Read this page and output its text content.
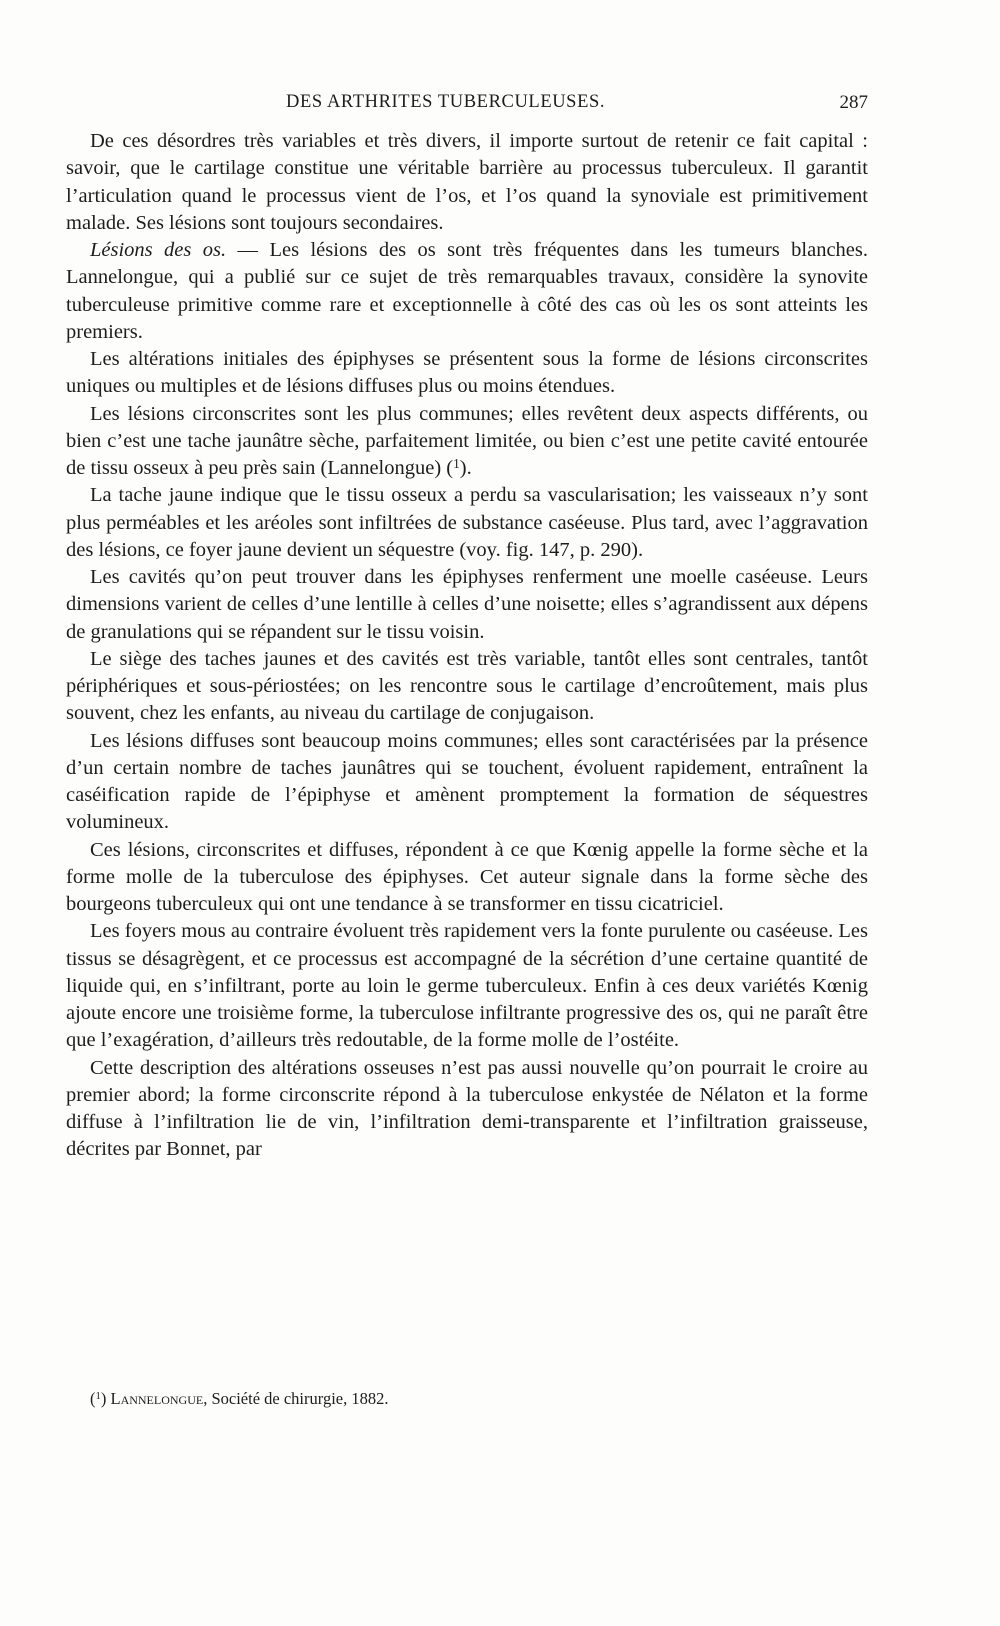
DES ARTHRITES TUBERCULEUSES.	287

De ces désordres très variables et très divers, il importe surtout de retenir ce fait capital : savoir, que le cartilage constitue une véritable barrière au processus tuberculeux. Il garantit l’articulation quand le processus vient de l’os, et l’os quand la synoviale est primitivement malade. Ses lésions sont toujours secondaires.

Lésions des os. — Les lésions des os sont très fréquentes dans les tumeurs blanches. Lannelongue, qui a publié sur ce sujet de très remarquables travaux, considère la synovite tuberculeuse primitive comme rare et exceptionnelle à côté des cas où les os sont atteints les premiers.

Les altérations initiales des épiphyses se présentent sous la forme de lésions circonscrites uniques ou multiples et de lésions diffuses plus ou moins étendues.

Les lésions circonscrites sont les plus communes; elles revêtent deux aspects différents, ou bien c’est une tache jaunâtre sèche, parfaitement limitée, ou bien c’est une petite cavité entourée de tissu osseux à peu près sain (Lannelongue) ($^1$).

La tache jaune indique que le tissu osseux a perdu sa vascularisation; les vaisseaux n’y sont plus perméables et les aréoles sont infiltrées de substance caséeuse. Plus tard, avec l’aggravation des lésions, ce foyer jaune devient un séquestre (voy. fig. 147, p. 290).

Les cavités qu’on peut trouver dans les épiphyses renferment une moelle caséeuse. Leurs dimensions varient de celles d’une lentille à celles d’une noisette; elles s’agrandissent aux dépens de granulations qui se répandent sur le tissu voisin.

Le siège des taches jaunes et des cavités est très variable, tantôt elles sont centrales, tantôt périphériques et sous-périostées; on les rencontre sous le cartilage d’encroûtement, mais plus souvent, chez les enfants, au niveau du cartilage de conjugaison.

Les lésions diffuses sont beaucoup moins communes; elles sont caractérisées par la présence d’un certain nombre de taches jaunâtres qui se touchent, évoluent rapidement, entraînent la caséification rapide de l’épiphyse et amènent promptement la formation de séquestres volumineux.

Ces lésions, circonscrites et diffuses, répondent à ce que Kœnig appelle la forme sèche et la forme molle de la tuberculose des épiphyses. Cet auteur signale dans la forme sèche des bourgeons tuberculeux qui ont une tendance à se transformer en tissu cicatriciel.

Les foyers mous au contraire évoluent très rapidement vers la fonte purulente ou caséeuse. Les tissus se désagrègent, et ce processus est accompagné de la sécrétion d’une certaine quantité de liquide qui, en s’infiltrant, porte au loin le germe tuberculeux. Enfin à ces deux variétés Kœnig ajoute encore une troisième forme, la tuberculose infiltrante progressive des os, qui ne paraît être que l’exagération, d’ailleurs très redoutable, de la forme molle de l’ostéite.

Cette description des altérations osseuses n’est pas aussi nouvelle qu’on pourrait le croire au premier abord; la forme circonscrite répond à la tuberculose enkystée de Nélaton et la forme diffuse à l’infiltration lie de vin, l’infiltration demi-transparente et l’infiltration graisseuse, décrites par Bonnet, par

($^1$) Lannelongue, Société de chirurgie, 1882.
